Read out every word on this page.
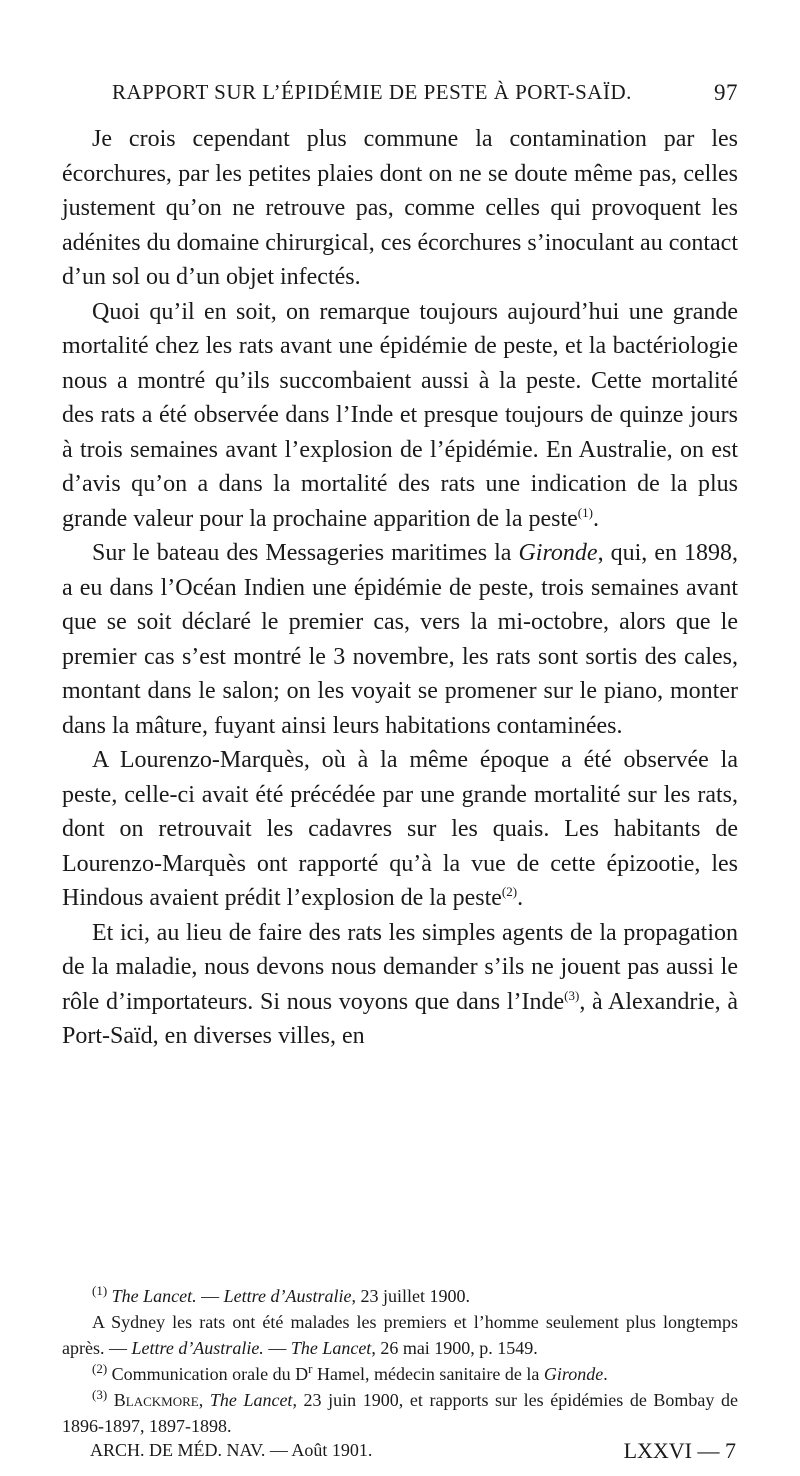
RAPPORT SUR L’ÉPIDÉMIE DE PESTE À PORT-SAÏD.	97

Je crois cependant plus commune la contamination par les écorchures, par les petites plaies dont on ne se doute même pas, celles justement qu’on ne retrouve pas, comme celles qui provoquent les adénites du domaine chirurgical, ces écorchures s’inoculant au contact d’un sol ou d’un objet infectés.

Quoi qu’il en soit, on remarque toujours aujourd’hui une grande mortalité chez les rats avant une épidémie de peste, et la bactériologie nous a montré qu’ils succombaient aussi à la peste. Cette mortalité des rats a été observée dans l’Inde et presque toujours de quinze jours à trois semaines avant l’explosion de l’épidémie. En Australie, on est d’avis qu’on a dans la mortalité des rats une indication de la plus grande valeur pour la prochaine apparition de la peste$^{(1)}$.

Sur le bateau des Messageries maritimes la Gironde, qui, en 1898, a eu dans l’Océan Indien une épidémie de peste, trois semaines avant que se soit déclaré le premier cas, vers la mi-octobre, alors que le premier cas s’est montré le 3 novembre, les rats sont sortis des cales, montant dans le salon; on les voyait se promener sur le piano, monter dans la mâture, fuyant ainsi leurs habitations contaminées.

A Lourenzo-Marquès, où à la même époque a été observée la peste, celle-ci avait été précédée par une grande mortalité sur les rats, dont on retrouvait les cadavres sur les quais. Les habitants de Lourenzo-Marquès ont rapporté qu’à la vue de cette épizootie, les Hindous avaient prédit l’explosion de la peste$^{(2)}$.

Et ici, au lieu de faire des rats les simples agents de la propagation de la maladie, nous devons nous demander s’ils ne jouent pas aussi le rôle d’importateurs. Si nous voyons que dans l’Inde$^{(3)}$, à Alexandrie, à Port-Saïd, en diverses villes, en

$^{(1)}$ The Lancet. — Lettre d’Australie, 23 juillet 1900.

A Sydney les rats ont été malades les premiers et l’homme seulement plus longtemps après. — Lettre d’Australie. — The Lancet, 26 mai 1900, p. 1549.

$^{(2)}$ Communication orale du $D^r$ Hamel, médecin sanitaire de la Gironde.

$^{(3)}$ Blackmore, The Lancet, 23 juin 1900, et rapports sur les épidémies de Bombay de 1896-1897, 1897-1898.

ARCH. DE MÉD. NAV. — Août 1901.	LXXVI — 7
